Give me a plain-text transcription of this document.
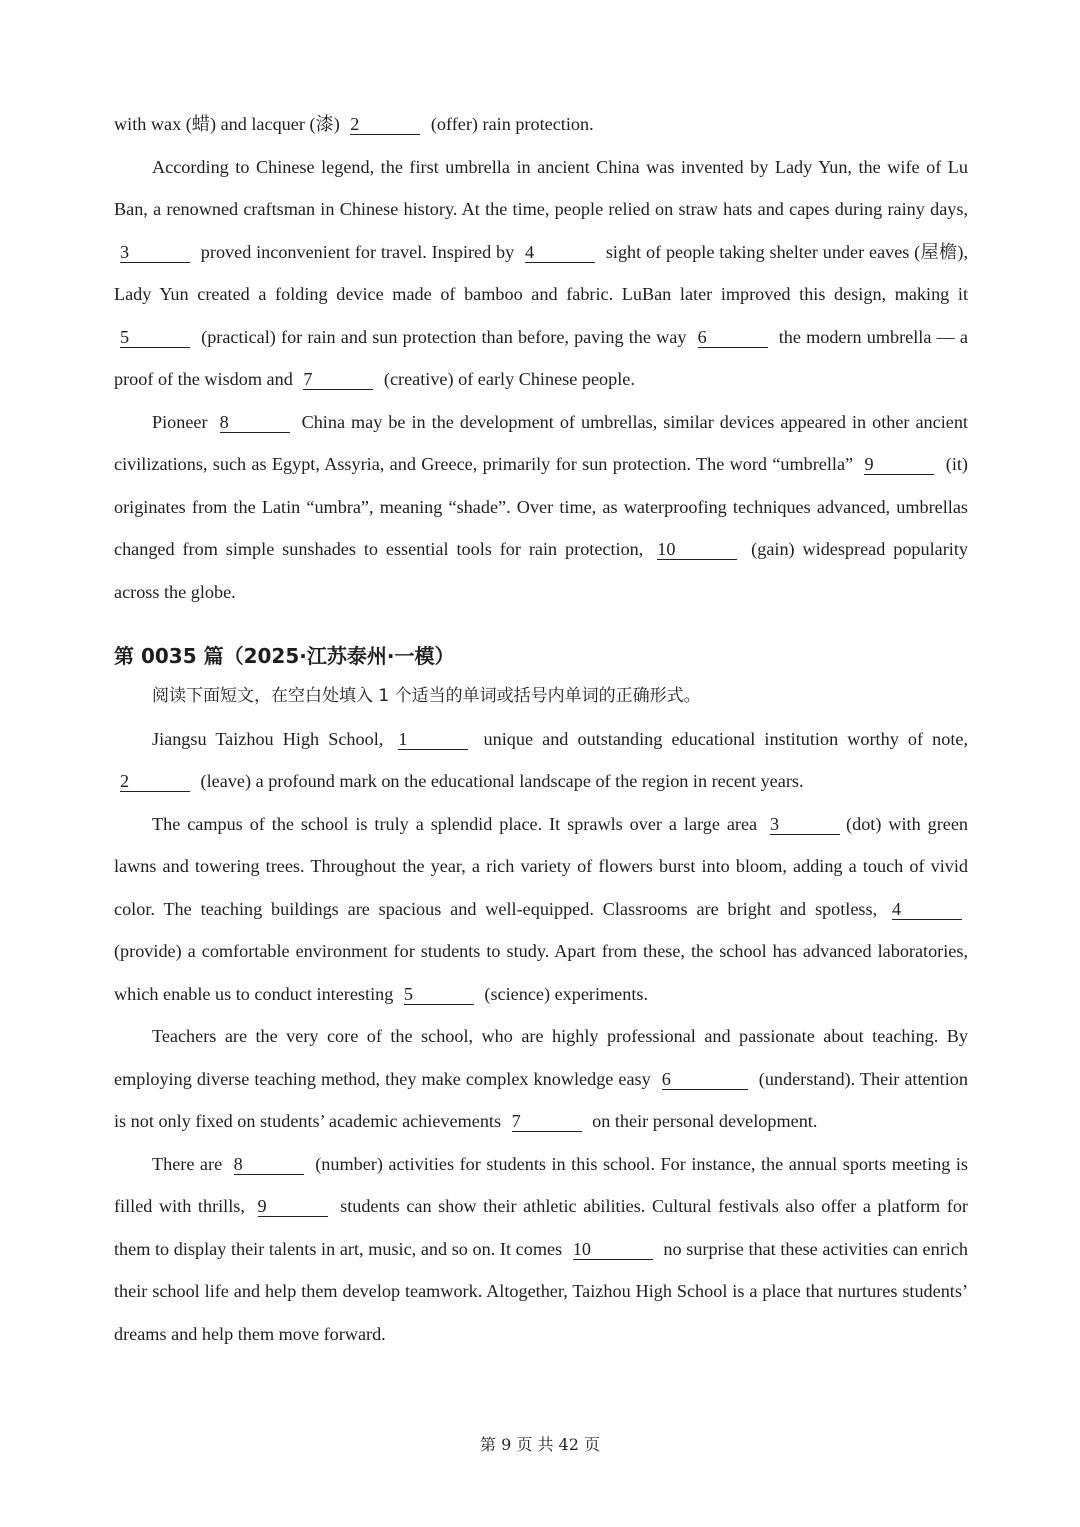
with wax (蜡) and lacquer (漆) 2	(offer) rain protection.

According to Chinese legend, the first umbrella in ancient China was invented by Lady Yun, the wife of Lu Ban, a renowned craftsman in Chinese history. At the time, people relied on straw hats and capes during rainy days, 3	proved inconvenient for travel. Inspired by 4	sight of people taking shelter under eaves (屋檐), Lady Yun created a folding device made of bamboo and fabric. LuBan later improved this design, making it 5	(practical) for rain and sun protection than before, paving the way 6	the modern umbrella — a proof of the wisdom and 7	(creative) of early Chinese people.

Pioneer 8	China may be in the development of umbrellas, similar devices appeared in other ancient civilizations, such as Egypt, Assyria, and Greece, primarily for sun protection. The word “umbrella” 9	(it) originates from the Latin “umbra”, meaning “shade”. Over time, as waterproofing techniques advanced, umbrellas changed from simple sunshades to essential tools for rain protection, 10	(gain) widespread popularity across the globe.

第 0035 篇（2025·江苏泰州·一模）

阅读下面短文，在空白处填入 1 个适当的单词或括号内单词的正确形式。

Jiangsu Taizhou High School, 1	unique and outstanding educational institution worthy of note, 2	(leave) a profound mark on the educational landscape of the region in recent years.

The campus of the school is truly a splendid place. It sprawls over a large area 3	(dot) with green lawns and towering trees. Throughout the year, a rich variety of flowers burst into bloom, adding a touch of vivid color. The teaching buildings are spacious and well-equipped. Classrooms are bright and spotless, 4 (provide) a comfortable environment for students to study. Apart from these, the school has advanced laboratories, which enable us to conduct interesting 5	(science) experiments.

Teachers are the very core of the school, who are highly professional and passionate about teaching. By employing diverse teaching method, they make complex knowledge easy 6	(understand). Their attention is not only fixed on students’ academic achievements 7	on their personal development.

There are 8	(number) activities for students in this school. For instance, the annual sports meeting is filled with thrills, 9	students can show their athletic abilities. Cultural festivals also offer a platform for them to display their talents in art, music, and so on. It comes 10	no surprise that these activities can enrich their school life and help them develop teamwork. Altogether, Taizhou High School is a place that nurtures students’ dreams and help them move forward.

第 9 页 共 42 页
